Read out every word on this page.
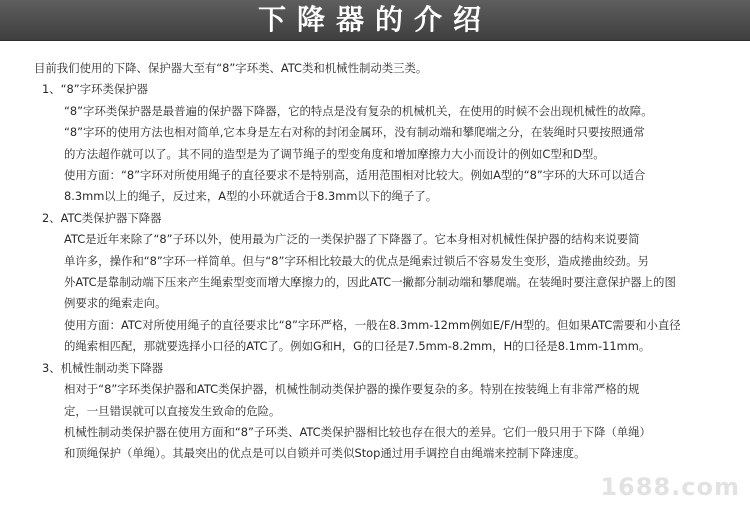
下降器的介绍
目前我们使用的下降、保护器大至有“8”字环类、ATC类和机械性制动类三类。
1、“8”字环类保护器
“8”字环类保护器是最普遍的保护器下降器，它的特点是没有复杂的机械机关，在使用的时候不会出现机械性的故障。
“8”字环的使用方法也相对简单,它本身是左右对称的封闭金属环，没有制动端和攀爬端之分，在装绳时只要按照通常
的方法超作就可以了。其不同的造型是为了调节绳子的型变角度和增加摩擦力大小而设计的例如C型和D型。
使用方面：“8”字环对所使用绳子的直径要求不是特别高，适用范围相对比较大。例如A型的“8”字环的大环可以适合
8.3mm以上的绳子，反过来，A型的小环就适合于8.3mm以下的绳子了。
2、ATC类保护器下降器
ATC是近年来除了“8”子环以外，使用最为广泛的一类保护器了下降器了。它本身相对机械性保护器的结构来说要简
单许多，操作和“8”字环一样简单。但与“8”字环相比较最大的优点是绳索过锁后不容易发生变形，造成捲曲绞劲。另
外ATC是靠制动端下压来产生绳索型变而增大摩擦力的，因此ATC一撇都分制动端和攀爬端。在装绳时要注意保护器上的图
例要求的绳索走向。
使用方面：ATC对所使用绳子的直径要求比“8”字环严格，一般在8.3mm-12mm例如E/F/H型的。但如果ATC需要和小直径
的绳索相匹配，那就要选择小口径的ATC了。例如G和H，G的口径是7.5mm-8.2mm，H的口径是8.1mm-11mm。
3、机械性制动类下降器
相对于“8”字环类保护器和ATC类保护器，机械性制动类保护器的操作要复杂的多。特别在按装绳上有非常严格的规
定，一旦错误就可以直接发生致命的危险。
机械性制动类保护器在使用方面和“8”子环类、ATC类保护器相比较也存在很大的差异。它们一般只用于下降（单绳）
和顶绳保护（单绳）。其最突出的优点是可以自锁并可类似Stop通过用手调控自由绳端来控制下降速度。
1688.com
